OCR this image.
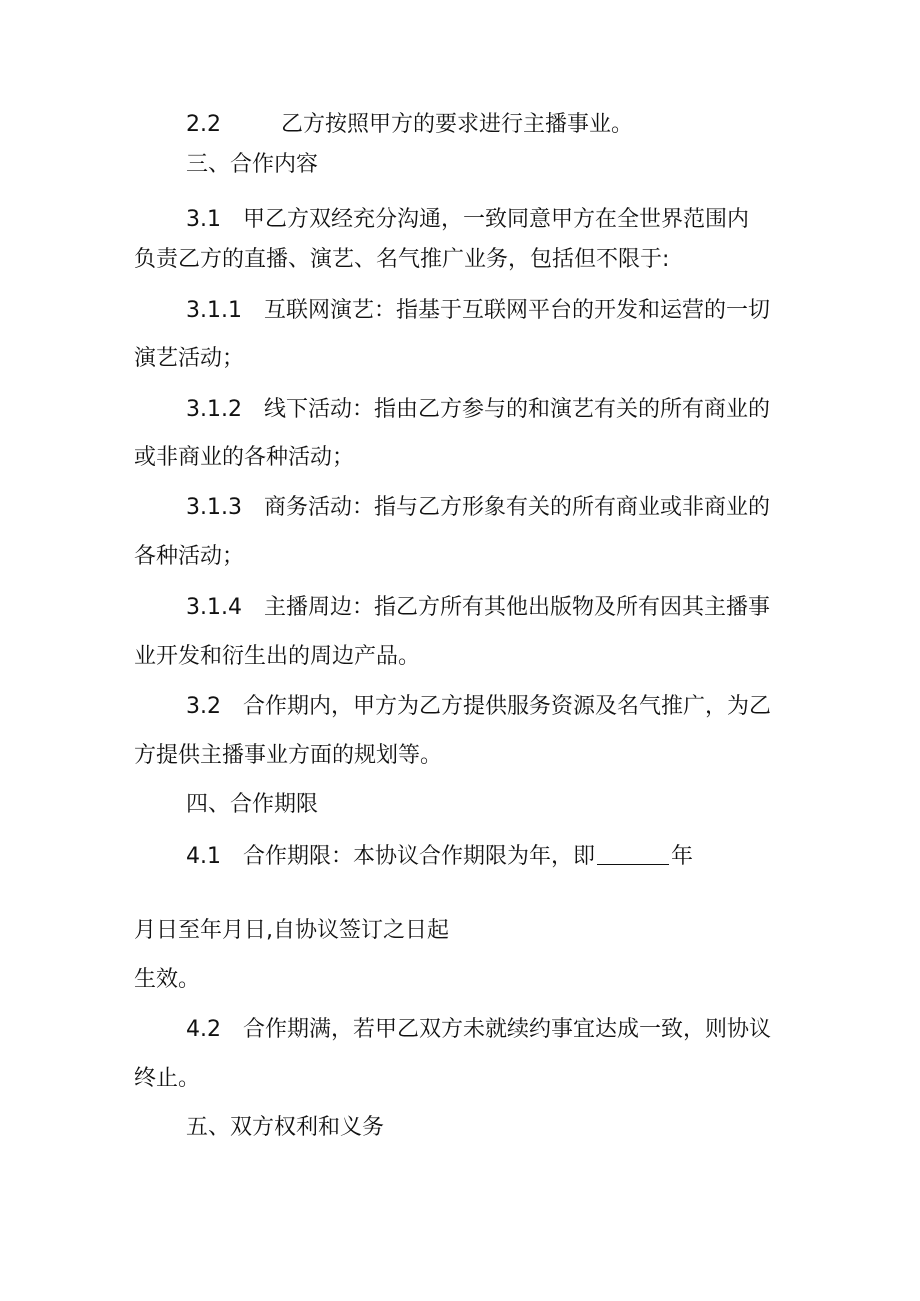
2.2	乙方按照甲方的要求进行主播事业。
三、合作内容
3.1　甲乙方双经充分沟通，一致同意甲方在全世界范围内
负责乙方的直播、演艺、名气推广业务，包括但不限于:
3.1.1　互联网演艺：指基于互联网平台的开发和运营的一切
演艺活动；
3.1.2　线下活动：指由乙方参与的和演艺有关的所有商业的
或非商业的各种活动；
3.1.3　商务活动：指与乙方形象有关的所有商业或非商业的
各种活动；
3.1.4　主播周边：指乙方所有其他出版物及所有因其主播事
业开发和衍生出的周边产品。
3.2　合作期内，甲方为乙方提供服务资源及名气推广，为乙
方提供主播事业方面的规划等。
四、合作期限
4.1　合作期限：本协议合作期限为年，即	年
月日至年月日,自协议签订之日起
生效。
4.2　合作期满，若甲乙双方未就续约事宜达成一致，则协议
终止。
五、双方权利和义务
